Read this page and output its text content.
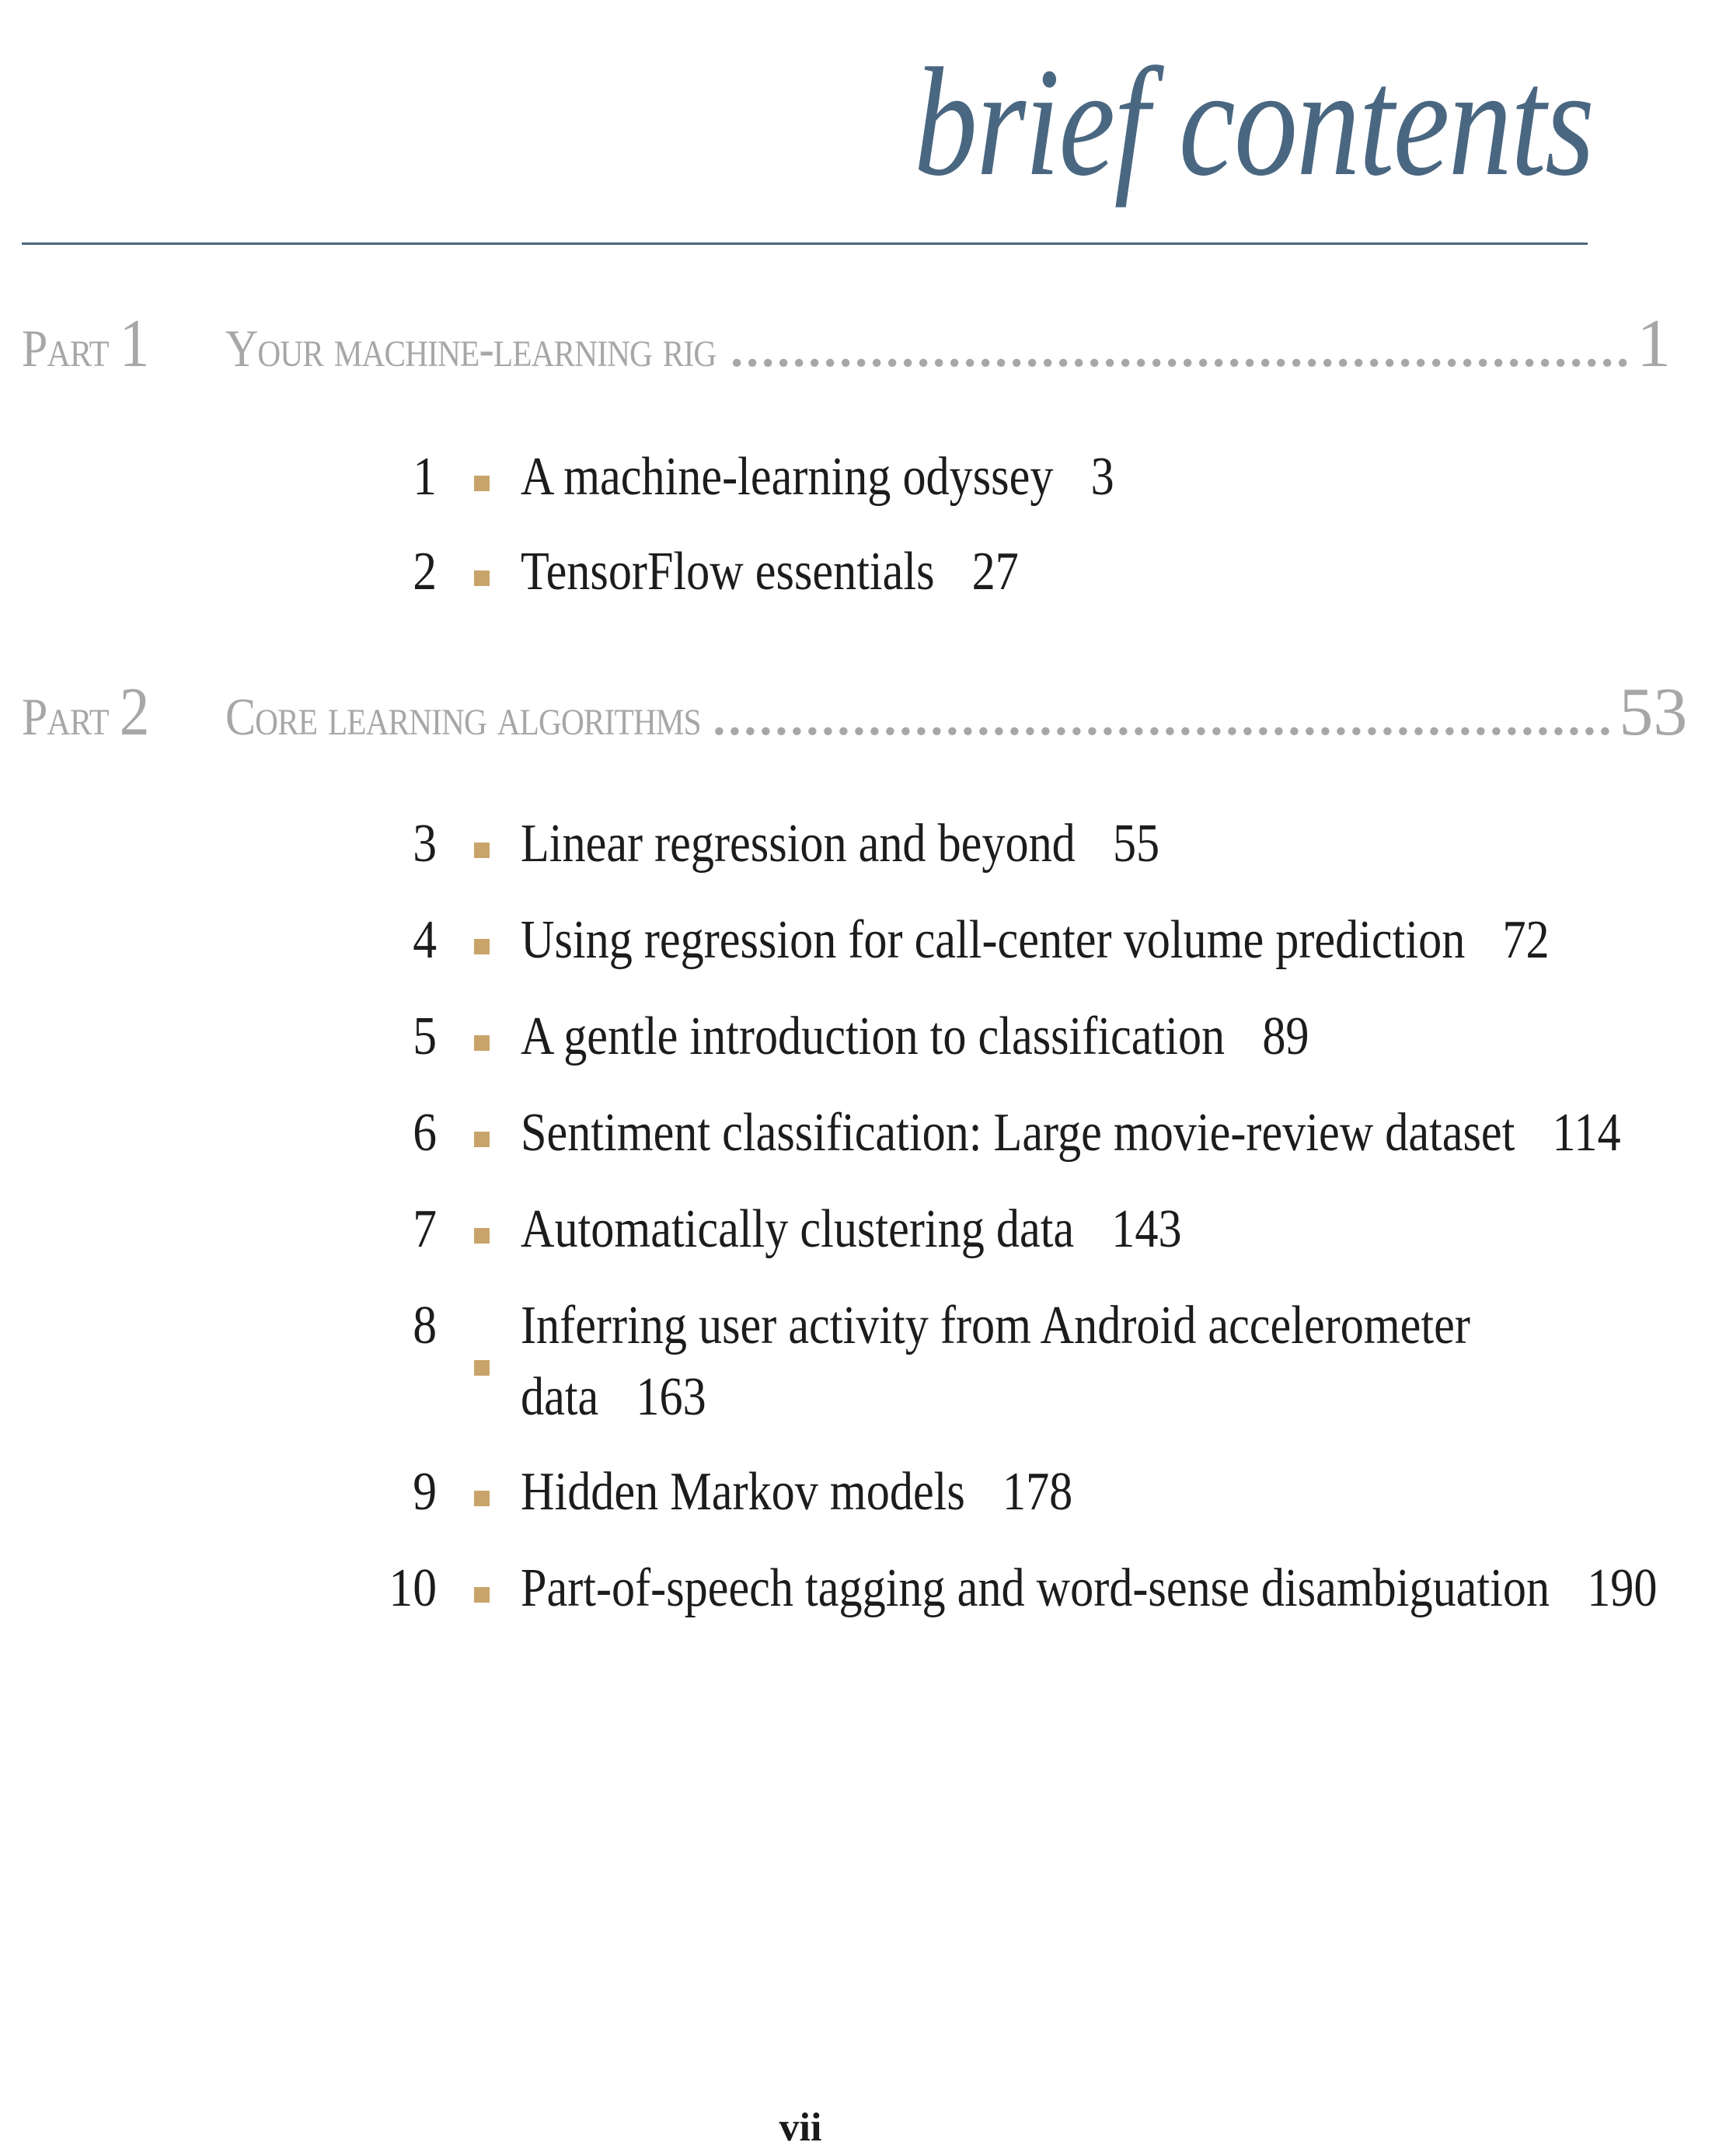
brief contents
Part 1	Your machine-learning rig .......................................................... 1
1 A machine-learning odyssey 3
2 TensorFlow essentials 27
Part 2	Core learning algorithms .......................................................... 53
3 Linear regression and beyond 55
4 Using regression for call-center volume prediction 72
5 A gentle introduction to classification 89
6 Sentiment classification: Large movie-review dataset 114
7 Automatically clustering data 143
8 Inferring user activity from Android accelerometer
data 163
9 Hidden Markov models 178
10 Part-of-speech tagging and word-sense disambiguation 190
vii
